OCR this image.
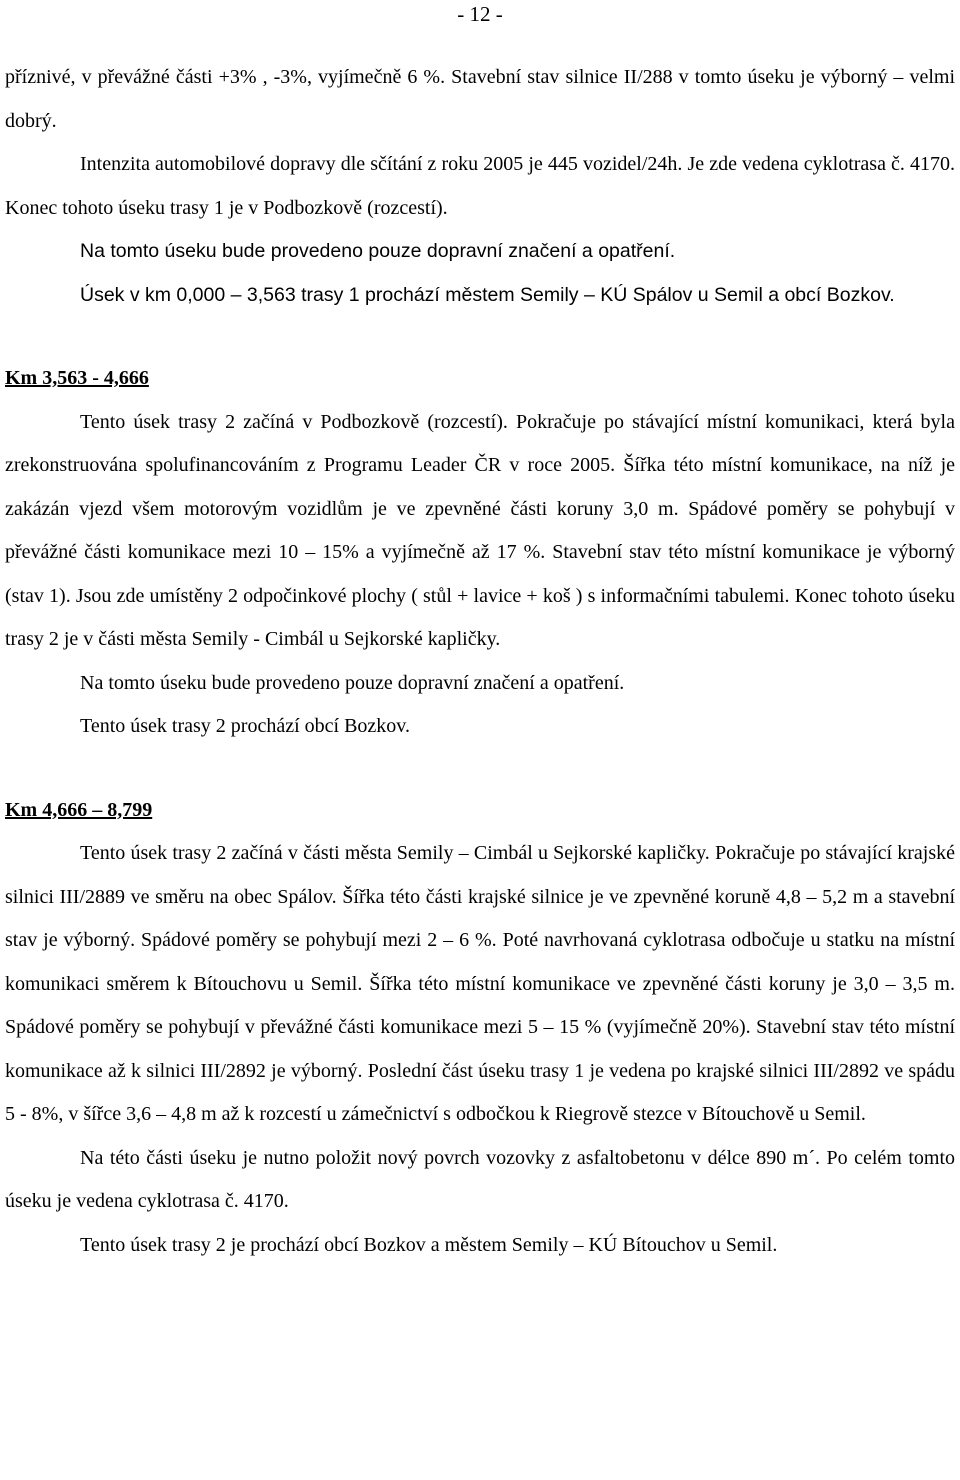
- 12 -

příznivé, v převážné části +3% , -3%, vyjímečně 6 %. Stavební stav silnice II/288 v tomto úseku je výborný – velmi dobrý.

Intenzita automobilové dopravy dle sčítání z roku 2005 je 445 vozidel/24h. Je zde vedena cyklotrasa č. 4170. Konec tohoto úseku trasy 1 je v Podbozkově (rozcestí).

Na tomto úseku bude provedeno pouze dopravní značení a opatření.

Úsek v km 0,000 – 3,563 trasy 1 prochází městem Semily – KÚ Spálov u Semil a obcí Bozkov.

Km 3,563 - 4,666

Tento úsek trasy 2 začíná v Podbozkově (rozcestí). Pokračuje po stávající místní komunikaci, která byla zrekonstruována spolufinancováním z Programu Leader ČR v roce 2005. Šířka této místní komunikace, na níž je zakázán vjezd všem motorovým vozidlům je ve zpevněné části koruny 3,0 m. Spádové poměry se pohybují v převážné části komunikace mezi 10 – 15% a vyjímečně až 17 %. Stavební stav této místní komunikace je výborný (stav 1). Jsou zde umístěny 2 odpočinkové plochy ( stůl + lavice + koš ) s informačními tabulemi. Konec tohoto úseku trasy 2 je v části města Semily - Cimbál u Sejkorské kapličky.

Na tomto úseku bude provedeno pouze dopravní značení a opatření.

Tento úsek trasy 2 prochází obcí Bozkov.

Km 4,666 – 8,799

Tento úsek trasy 2 začíná v části města Semily – Cimbál u Sejkorské kapličky. Pokračuje po stávající krajské silnici III/2889 ve směru na obec Spálov. Šířka této části krajské silnice je ve zpevněné koruně 4,8 – 5,2 m a stavební stav je výborný. Spádové poměry se pohybují mezi 2 – 6 %. Poté navrhovaná cyklotrasa odbočuje u statku na místní komunikaci směrem k Bítouchovu u Semil. Šířka této místní komunikace ve zpevněné části koruny je 3,0 – 3,5 m. Spádové poměry se pohybují v převážné části komunikace mezi 5 – 15 % (vyjímečně 20%). Stavební stav této místní komunikace až k silnici III/2892 je výborný. Poslední část úseku trasy 1 je vedena po krajské silnici III/2892 ve spádu 5 - 8%, v šířce 3,6 – 4,8 m až k rozcestí u zámečnictví s odbočkou k Riegrově stezce v Bítouchově u Semil.

Na této části úseku je nutno položit nový povrch vozovky z asfaltobetonu v délce 890 m´. Po celém tomto úseku je vedena cyklotrasa č. 4170.

Tento úsek trasy 2 je prochází obcí Bozkov a městem Semily – KÚ Bítouchov u Semil.
